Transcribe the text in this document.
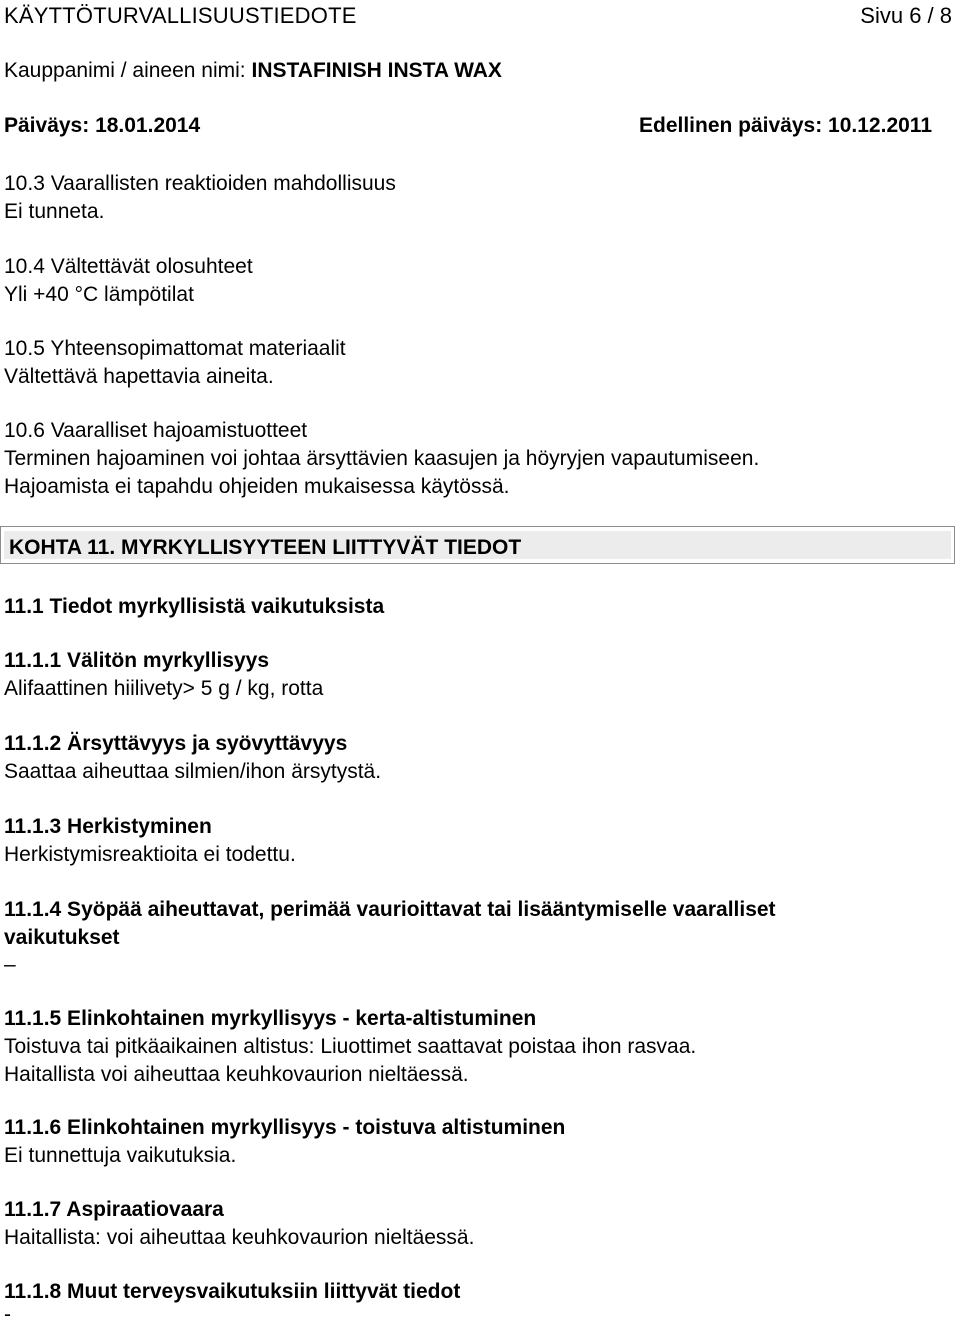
KÄYTTÖTURVALLISUUSTIEDOTE	Sivu 6 / 8
Kauppanimi / aineen nimi: INSTAFINISH INSTA WAX
Päiväys: 18.01.2014	Edellinen päiväys: 10.12.2011
10.3 Vaarallisten reaktioiden mahdollisuus
Ei tunneta.
10.4 Vältettävät olosuhteet
Yli +40 °C lämpötilat
10.5 Yhteensopimattomat materiaalit
Vältettävä hapettavia aineita.
10.6 Vaaralliset hajoamistuotteet
Terminen hajoaminen voi johtaa ärsyttävien kaasujen ja höyryjen vapautumiseen.
Hajoamista ei tapahdu ohjeiden mukaisessa käytössä.
KOHTA 11. MYRKYLLISYYTEEN LIITTYVÄT TIEDOT
11.1 Tiedot myrkyllisistä vaikutuksista
11.1.1 Välitön myrkyllisyys
Alifaattinen hiilivety> 5 g / kg, rotta
11.1.2 Ärsyttävyys ja syövyttävyys
Saattaa aiheuttaa silmien/ihon ärsytystä.
11.1.3 Herkistyminen
Herkistymisreaktioita ei todettu.
11.1.4 Syöpää aiheuttavat, perimää vaurioittavat tai lisääntymiselle vaaralliset
vaikutukset
–
11.1.5 Elinkohtainen myrkyllisyys - kerta-altistuminen
Toistuva tai pitkäaikainen altistus: Liuottimet saattavat poistaa ihon rasvaa.
Haitallista voi aiheuttaa keuhkovaurion nieltäessä.
11.1.6 Elinkohtainen myrkyllisyys - toistuva altistuminen
Ei tunnettuja vaikutuksia.
11.1.7 Aspiraatiovaara
Haitallista: voi aiheuttaa keuhkovaurion nieltäessä.
11.1.8 Muut terveysvaikutuksiin liittyvät tiedot
-
